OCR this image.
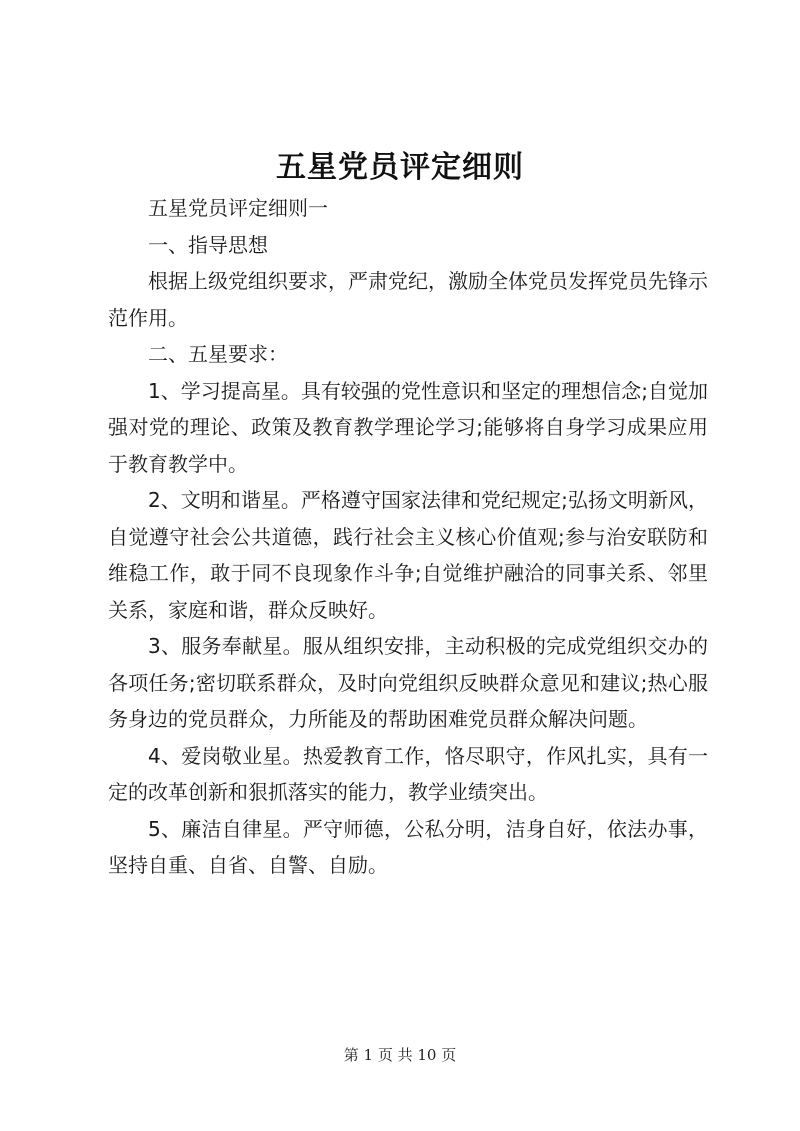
五星党员评定细则

五星党员评定细则一

一、指导思想

根据上级党组织要求，严肃党纪，激励全体党员发挥党员先锋示范作用。

二、五星要求：

1、学习提高星。具有较强的党性意识和坚定的理想信念;自觉加强对党的理论、政策及教育教学理论学习;能够将自身学习成果应用于教育教学中。

2、文明和谐星。严格遵守国家法律和党纪规定;弘扬文明新风，自觉遵守社会公共道德，践行社会主义核心价值观;参与治安联防和维稳工作，敢于同不良现象作斗争;自觉维护融洽的同事关系、邻里关系，家庭和谐，群众反映好。

3、服务奉献星。服从组织安排，主动积极的完成党组织交办的各项任务;密切联系群众，及时向党组织反映群众意见和建议;热心服务身边的党员群众，力所能及的帮助困难党员群众解决问题。

4、爱岗敬业星。热爱教育工作，恪尽职守，作风扎实，具有一定的改革创新和狠抓落实的能力，教学业绩突出。

5、廉洁自律星。严守师德，公私分明，洁身自好，依法办事，坚持自重、自省、自警、自励。

第 1 页 共 10 页
